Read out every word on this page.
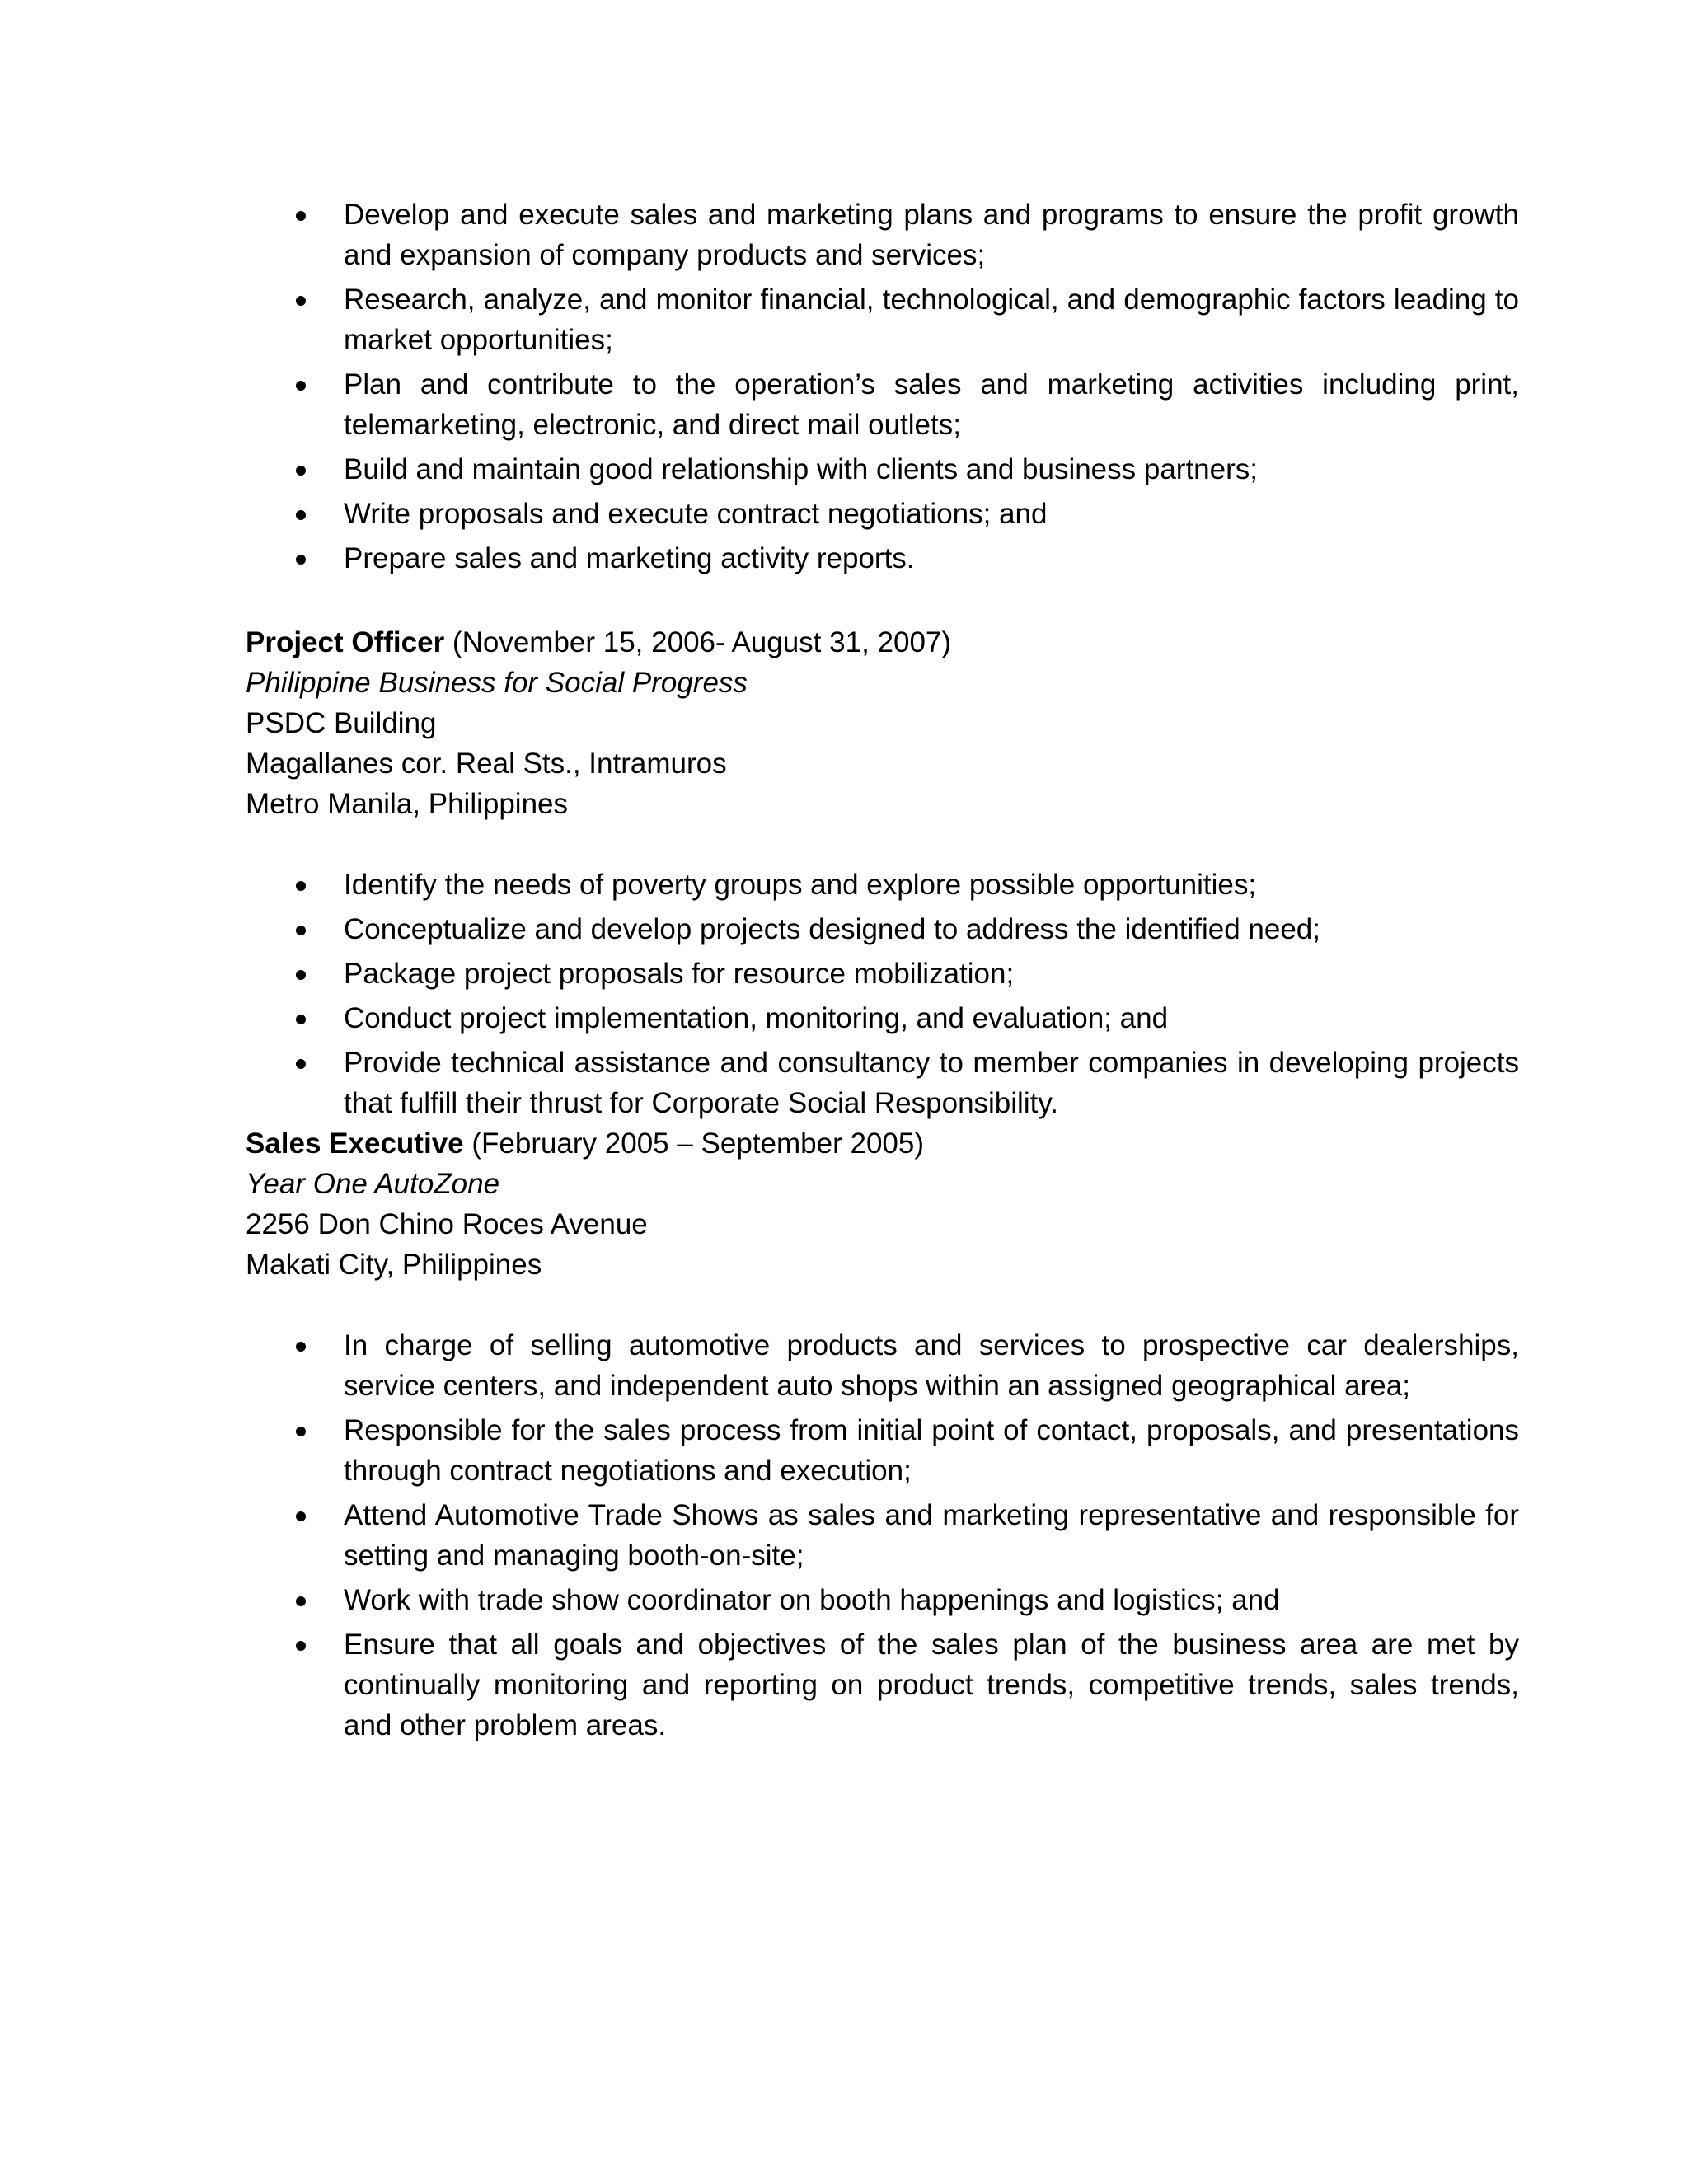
Develop and execute sales and marketing plans and programs to ensure the profit growth and expansion of company products and services;
Research, analyze, and monitor financial, technological, and demographic factors leading to market opportunities;
Plan and contribute to the operation’s sales and marketing activities including print, telemarketing, electronic, and direct mail outlets;
Build and maintain good relationship with clients and business partners;
Write proposals and execute contract negotiations; and
Prepare sales and marketing activity reports.
Project Officer (November 15, 2006- August 31, 2007)
Philippine Business for Social Progress
PSDC Building
Magallanes cor. Real Sts., Intramuros
Metro Manila, Philippines
Identify the needs of poverty groups and explore possible opportunities;
Conceptualize and develop projects designed to address the identified need;
Package project proposals for resource mobilization;
Conduct project implementation, monitoring, and evaluation; and
Provide technical assistance and consultancy to member companies in developing projects that fulfill their thrust for Corporate Social Responsibility.
Sales Executive (February 2005 – September 2005)
Year One AutoZone
2256 Don Chino Roces Avenue
Makati City, Philippines
In charge of selling automotive products and services to prospective car dealerships, service centers, and independent auto shops within an assigned geographical area;
Responsible for the sales process from initial point of contact, proposals, and presentations through contract negotiations and execution;
Attend Automotive Trade Shows as sales and marketing representative and responsible for setting and managing booth-on-site;
Work with trade show coordinator on booth happenings and logistics; and
Ensure that all goals and objectives of the sales plan of the business area are met by continually monitoring and reporting on product trends, competitive trends, sales trends, and other problem areas.
